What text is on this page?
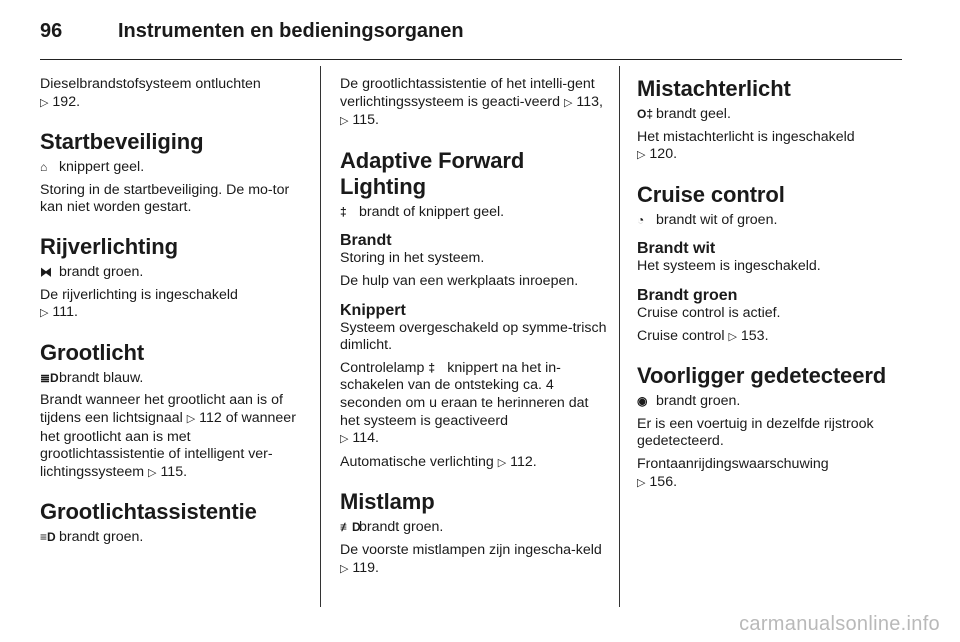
96	Instrumenten en bedieningsorganen
Dieselbrandstofsysteem ontluchten
▷ 192.
Startbeveiliging
⌂ knippert geel.
Storing in de startbeveiliging. De mo-tor kan niet worden gestart.
Rijverlichting
⧓ brandt groen.
De rijverlichting is ingeschakeld
▷ 111.
Grootlicht
≣D brandt blauw.
Brandt wanneer het grootlicht aan is of tijdens een lichtsignaal ▷ 112 of wanneer het grootlicht aan is met grootlichtassistentie of intelligent ver-lichtingssysteem ▷ 115.
Grootlichtassistentie
≡D brandt groen.
De grootlichtassistentie of het intelli-gent verlichtingssysteem is geacti-veerd ▷ 113, ▷ 115.
Adaptive Forward Lighting
‡ brandt of knippert geel.
Brandt
Storing in het systeem.
De hulp van een werkplaats inroepen.
Knippert
Systeem overgeschakeld op symme-trisch dimlicht.
Controlelamp ‡ knippert na het in-schakelen van de ontsteking ca. 4 seconden om u eraan te herinneren dat het systeem is geactiveerd
▷ 114.
Automatische verlichting ▷ 112.
Mistlamp
≢D brandt groen.
De voorste mistlampen zijn ingescha-keld ▷ 119.
Mistachterlicht
O‡ brandt geel.
Het mistachterlicht is ingeschakeld
▷ 120.
Cruise control
◔ brandt wit of groen.
Brandt wit
Het systeem is ingeschakeld.
Brandt groen
Cruise control is actief.
Cruise control ▷ 153.
Voorligger gedetecteerd
◉ brandt groen.
Er is een voertuig in dezelfde rijstrook gedetecteerd.
Frontaanrijdingswaarschuwing
▷ 156.
carmanualsonline.info
